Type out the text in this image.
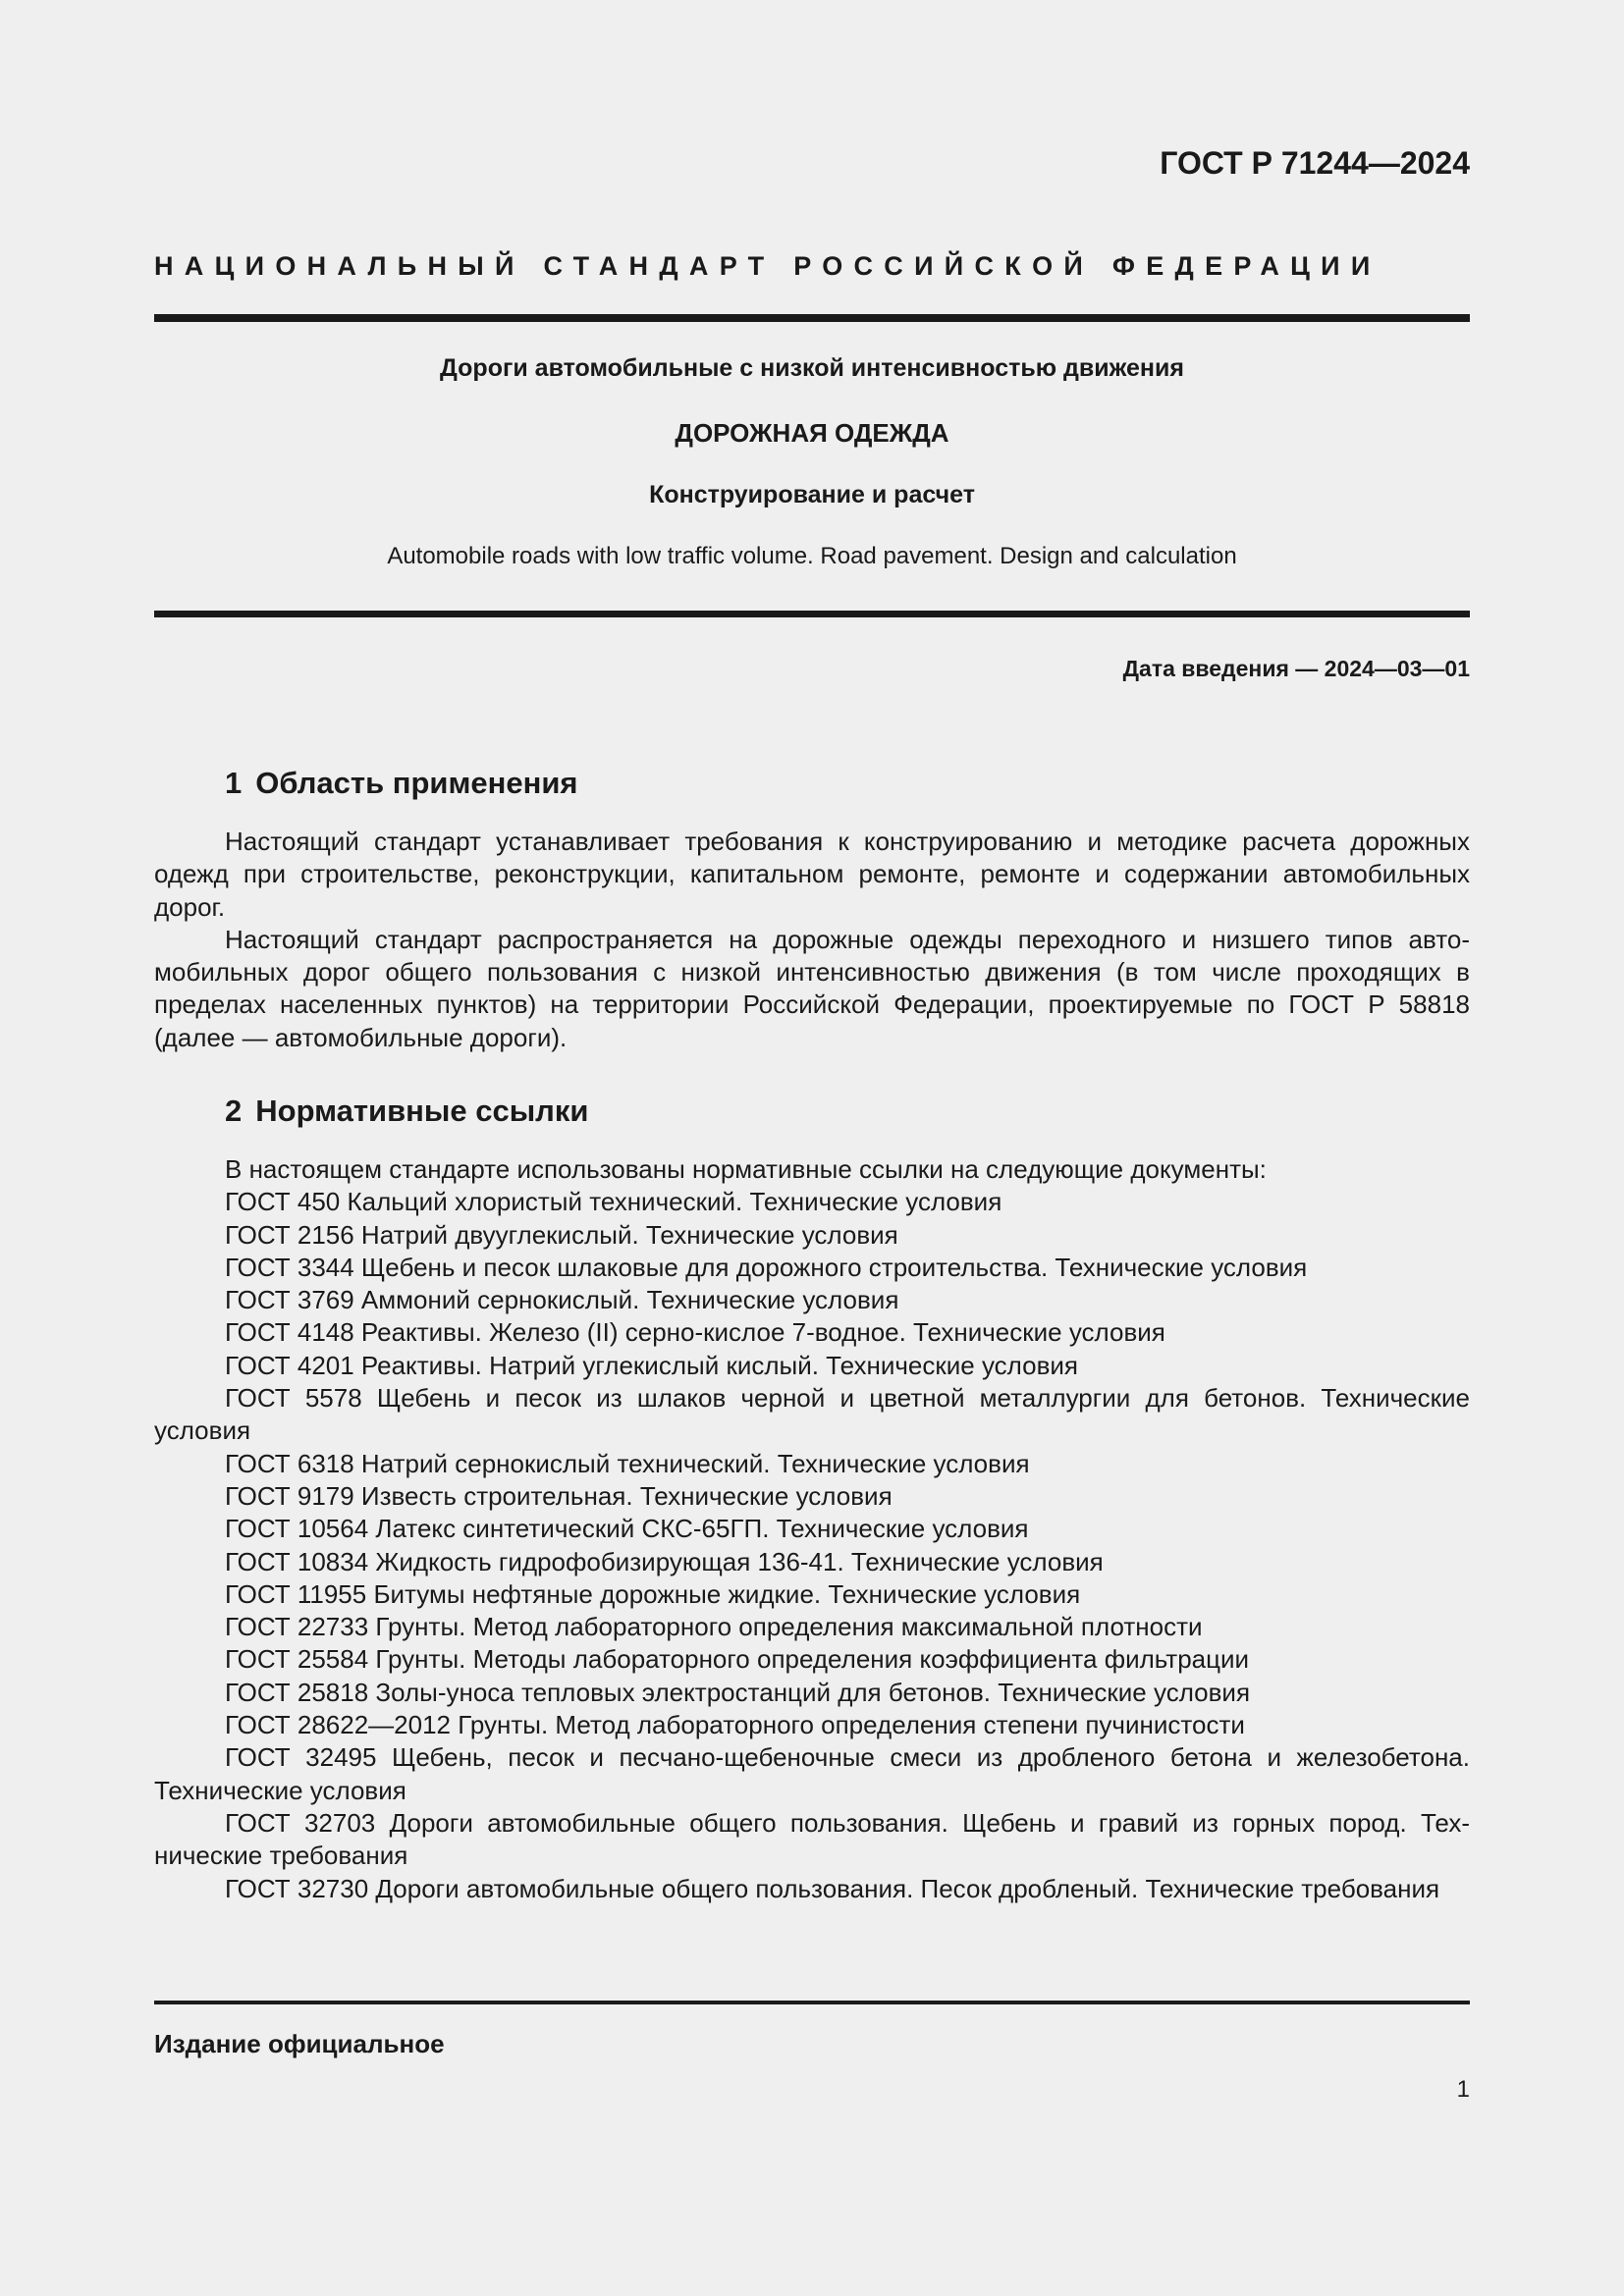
ГОСТ Р 71244—2024

НАЦИОНАЛЬНЫЙ СТАНДАРТ РОССИЙСКОЙ ФЕДЕРАЦИИ

Дороги автомобильные с низкой интенсивностью движения

ДОРОЖНАЯ ОДЕЖДА

Конструирование и расчет

Automobile roads with low traffic volume. Road pavement. Design and calculation

Дата введения — 2024—03—01

1 Область применения

Настоящий стандарт устанавливает требования к конструированию и методике расчета дорожных одежд при строительстве, реконструкции, капитальном ремонте, ремонте и содержании автомобильных дорог.

Настоящий стандарт распространяется на дорожные одежды переходного и низшего типов автомобильных дорог общего пользования с низкой интенсивностью движения (в том числе проходящих в пределах населенных пунктов) на территории Российской Федерации, проектируемые по ГОСТ Р 58818 (далее — автомобильные дороги).

2 Нормативные ссылки

В настоящем стандарте использованы нормативные ссылки на следующие документы:

ГОСТ 450 Кальций хлористый технический. Технические условия

ГОСТ 2156 Натрий двууглекислый. Технические условия

ГОСТ 3344 Щебень и песок шлаковые для дорожного строительства. Технические условия

ГОСТ 3769 Аммоний сернокислый. Технические условия

ГОСТ 4148 Реактивы. Железо (II) серно-кислое 7-водное. Технические условия

ГОСТ 4201 Реактивы. Натрий углекислый кислый. Технические условия

ГОСТ 5578 Щебень и песок из шлаков черной и цветной металлургии для бетонов. Технические условия

ГОСТ 6318 Натрий сернокислый технический. Технические условия

ГОСТ 9179 Известь строительная. Технические условия

ГОСТ 10564 Латекс синтетический СКС-65ГП. Технические условия

ГОСТ 10834 Жидкость гидрофобизирующая 136-41. Технические условия

ГОСТ 11955 Битумы нефтяные дорожные жидкие. Технические условия

ГОСТ 22733 Грунты. Метод лабораторного определения максимальной плотности

ГОСТ 25584 Грунты. Методы лабораторного определения коэффициента фильтрации

ГОСТ 25818 Золы-уноса тепловых электростанций для бетонов. Технические условия

ГОСТ 28622—2012 Грунты. Метод лабораторного определения степени пучинистости

ГОСТ 32495 Щебень, песок и песчано-щебеночные смеси из дробленого бетона и железобетона. Технические условия

ГОСТ 32703 Дороги автомобильные общего пользования. Щебень и гравий из горных пород. Технические требования

ГОСТ 32730 Дороги автомобильные общего пользования. Песок дробленый. Технические требования

Издание официальное

1
